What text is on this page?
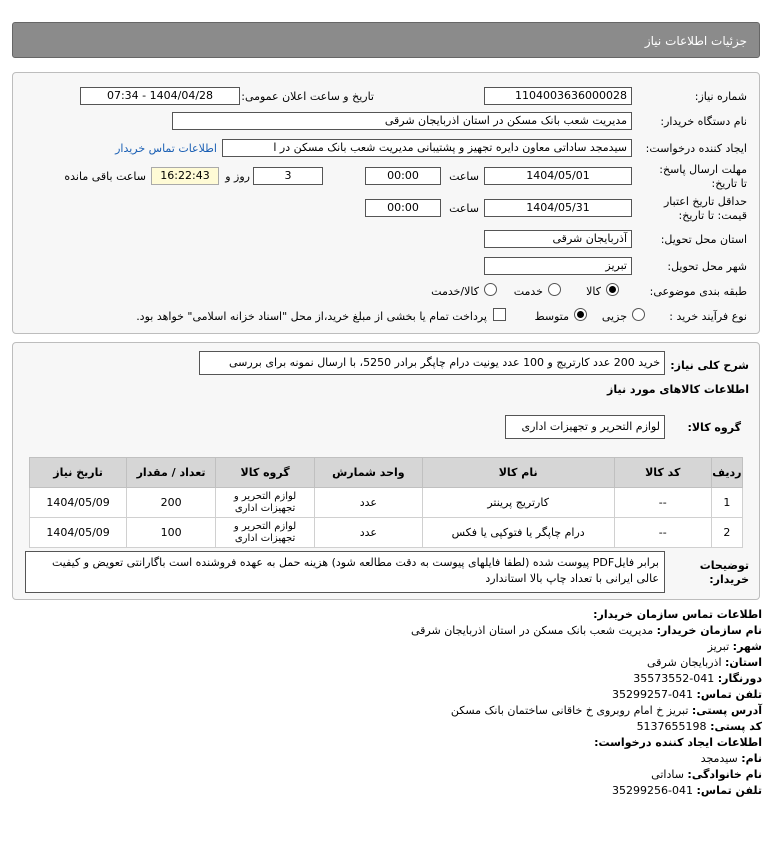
جزئیات اطلاعات نیاز
شماره نیاز:
1104003636000028
تاریخ و ساعت اعلان عمومی:
1404/04/28 - 07:34
نام دستگاه خریدار:
مدیریت شعب بانک مسکن در استان اذربایجان شرقی
ایجاد کننده درخواست:
سیدمجد ساداتی معاون دایره تجهیز و پشتیبانی مدیریت شعب بانک مسکن در ا
اطلاعات تماس خریدار
مهلت ارسال پاسخ: تا تاریخ:
1404/05/01
ساعت
00:00
3
روز و
16:22:43
ساعت باقی مانده
حداقل تاریخ اعتبار قیمت: تا تاریخ:
1404/05/31
ساعت
00:00
استان محل تحویل:
آذربایجان شرقی
شهر محل تحویل:
تبریز
طبقه بندی موضوعی:
کالا
خدمت
کالا/خدمت
نوع فرآیند خرید :
جزیی
متوسط
پرداخت تمام یا بخشی از مبلغ خرید،از محل "اسناد خزانه اسلامی" خواهد بود.
شرح کلی نیاز:
خرید 200 عدد کارتریج و 100 عدد یونیت درام چاپگر برادر 5250، با ارسال نمونه برای بررسی
اطلاعات کالاهای مورد نیاز
گروه کالا:
لوازم التحریر و تجهیزات اداری
ردیف	کد کالا	نام کالا	واحد شمارش	گروه کالا	تعداد / مقدار	تاریخ نیاز
1	--	کارتریج پرینتر	عدد	لوازم التحریر و تجهیزات اداری	200	1404/05/09
2	--	درام چاپگر یا فتوکپی یا فکس	عدد	لوازم التحریر و تجهیزات اداری	100	1404/05/09
توضیحات خریدار:
برابر فایلPDF پیوست شده (لطفا فایلهای پیوست به دقت مطالعه شود) هزینه حمل به عهده فروشنده است باگارانتی تعویض و کیفیت عالی ایرانی با تعداد چاپ بالا استاندارد
اطلاعات تماس سازمان خریدار:
نام سازمان خریدار: مدیریت شعب بانک مسکن در استان اذربایجان شرقی
شهر: تبریز
استان: اذربایجان شرقی
دورنگار: 041-35573552
تلفن تماس: 041-35299257
آدرس پستی: تبریز خ امام روبروی خ خاقانی ساختمان بانک مسکن
کد پستی: 5137655198
اطلاعات ایجاد کننده درخواست:
نام: سیدمجد
نام خانوادگی: ساداتی
تلفن تماس: 041-35299256
